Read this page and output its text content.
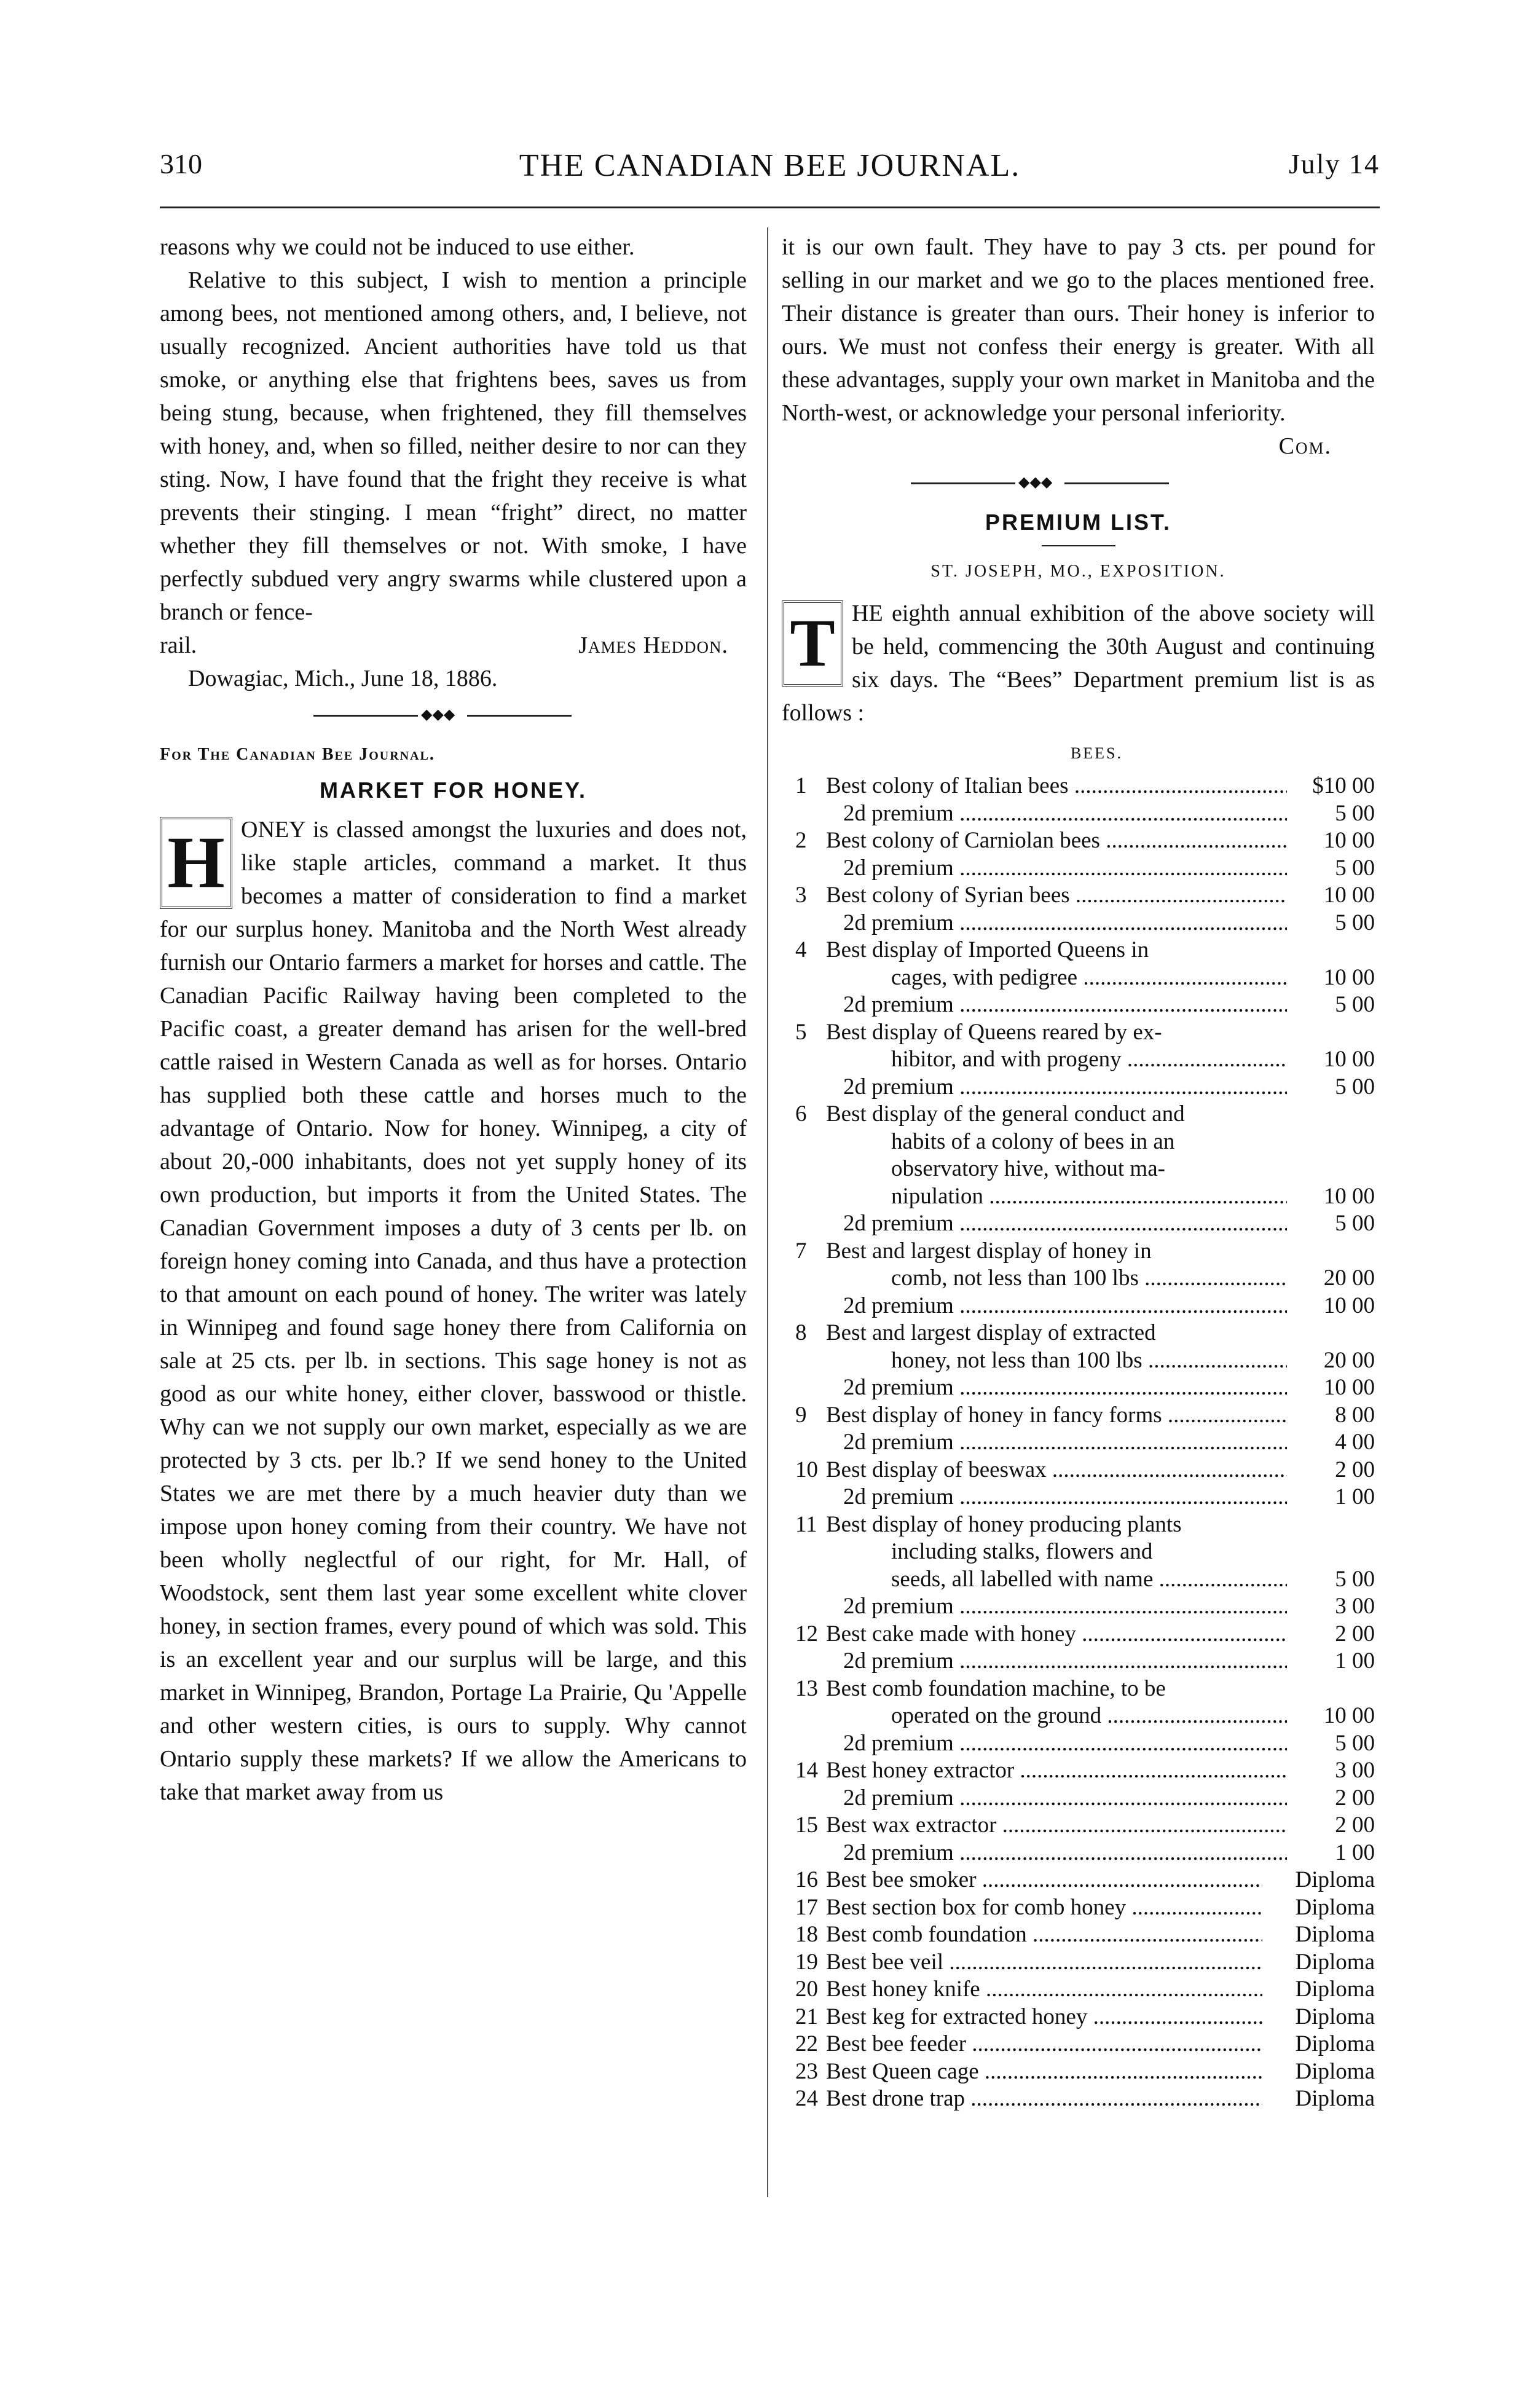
310	THE CANADIAN BEE JOURNAL.	July 14

reasons why we could not be induced to use either.

Relative to this subject, I wish to mention a principle among bees, not mentioned among others, and, I believe, not usually recognized. Ancient authorities have told us that smoke, or anything else that frightens bees, saves us from being stung, because, when frightened, they fill themselves with honey, and, when so filled, neither desire to nor can they sting. Now, I have found that the fright they receive is what prevents their stinging. I mean “fright” direct, no matter whether they fill themselves or not. With smoke, I have perfectly subdued very angry swarms while clustered upon a branch or fence-

rail.	James Heddon.

Dowagiac, Mich., June 18, 1886.

◆◆◆
For The Canadian Bee Journal.
MARKET FOR HONEY.
H ONEY is classed amongst the luxuries and does not, like staple articles, command a market. It thus becomes a matter of consideration to find a market for our surplus honey. Manitoba and the North West already furnish our Ontario farmers a market for horses and cattle. The Canadian Pacific Railway having been completed to the Pacific coast, a greater demand has arisen for the well-bred cattle raised in Western Canada as well as for horses. Ontario has supplied both these cattle and horses much to the advantage of Ontario. Now for honey. Winnipeg, a city of about 20,-000 inhabitants, does not yet supply honey of its own production, but imports it from the United States. The Canadian Government imposes a duty of 3 cents per lb. on foreign honey coming into Canada, and thus have a protection to that amount on each pound of honey. The writer was lately in Winnipeg and found sage honey there from California on sale at 25 cts. per lb. in sections. This sage honey is not as good as our white honey, either clover, basswood or thistle. Why can we not supply our own market, especially as we are protected by 3 cts. per lb.? If we send honey to the United States we are met there by a much heavier duty than we impose upon honey coming from their country. We have not been wholly neglectful of our right, for Mr. Hall, of Woodstock, sent them last year some excellent white clover honey, in section frames, every pound of which was sold. This is an excellent year and our surplus will be large, and this market in Winnipeg, Brandon, Portage La Prairie, Qu 'Appelle and other western cities, is ours to supply. Why cannot Ontario supply these markets? If we allow the Americans to take that market away from us

it is our own fault. They have to pay 3 cts. per pound for selling in our market and we go to the places mentioned free. Their distance is greater than ours. Their honey is inferior to ours. We must not confess their energy is greater. With all these advantages, supply your own market in Manitoba and the North-west, or acknowledge your personal inferiority.

Com.
◆◆◆
PREMIUM LIST.
ST. JOSEPH, MO., EXPOSITION.
T HE eighth annual exhibition of the above society will be held, commencing the 30th August and continuing six days. The “Bees” Department premium list is as follows :

BEES.
1 Best colony of Italian bees .....	$10 00
2d premium .....	5 00
2 Best colony of Carniolan bees .....	10 00
2d premium .....	5 00
3 Best colony of Syrian bees .....	10 00
2d premium .....	5 00
4 Best display of Imported Queens in
cages, with pedigree .....	10 00
2d premium .....	5 00
5 Best display of Queens reared by ex-
hibitor, and with progeny .....	10 00
2d premium .....	5 00
6 Best display of the general conduct and
habits of a colony of bees in an
observatory hive, without ma-
nipulation .....	10 00
2d premium .....	5 00
7 Best and largest display of honey in
comb, not less than 100 lbs .....	20 00
2d premium .....	10 00
8 Best and largest display of extracted
honey, not less than 100 lbs .....	20 00
2d premium .....	10 00
9 Best display of honey in fancy forms .....	8 00
2d premium .....	4 00
10 Best display of beeswax .....	2 00
2d premium .....	1 00
11 Best display of honey producing plants
including stalks, flowers and
seeds, all labelled with name .....	5 00
2d premium .....	3 00
12 Best cake made with honey .....	2 00
2d premium .....	1 00
13 Best comb foundation machine, to be
operated on the ground .....	10 00
2d premium .....	5 00
14 Best honey extractor .....	3 00
2d premium .....	2 00
15 Best wax extractor .....	2 00
2d premium .....	1 00
16 Best bee smoker .....	Diploma
17 Best section box for comb honey .....	Diploma
18 Best comb foundation .....	Diploma
19 Best bee veil .....	Diploma
20 Best honey knife .....	Diploma
21 Best keg for extracted honey .....	Diploma
22 Best bee feeder .....	Diploma
23 Best Queen cage .....	Diploma
24 Best drone trap .....	Diploma
